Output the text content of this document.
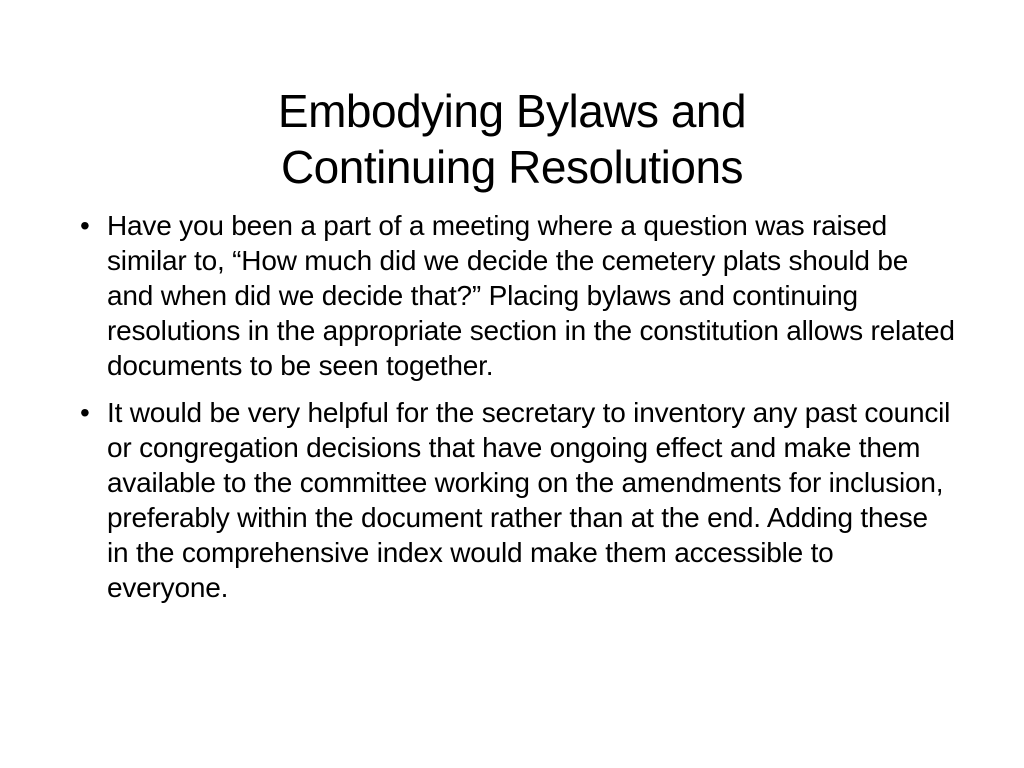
Embodying Bylaws and
Continuing Resolutions
• Have you been a part of a meeting where a question was raised similar to, “How much did we decide the cemetery plats should be and when did we decide that?” Placing bylaws and continuing resolutions in the appropriate section in the constitution allows related documents to be seen together.
• It would be very helpful for the secretary to inventory any past council or congregation decisions that have ongoing effect and make them available to the committee working on the amendments for inclusion, preferably within the document rather than at the end. Adding these in the comprehensive index would make them accessible to everyone.
